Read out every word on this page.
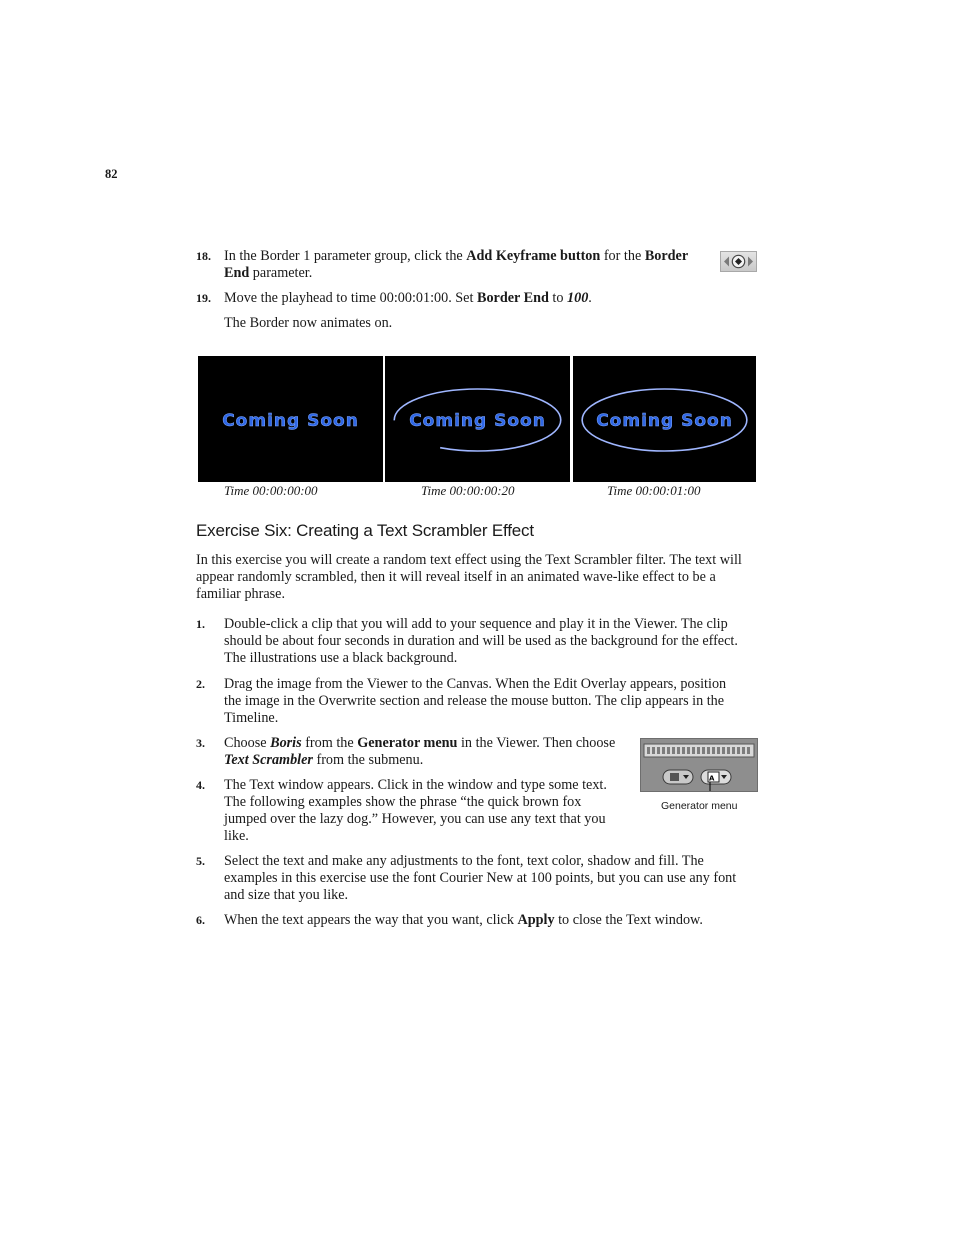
82
18. In the Border 1 parameter group, click the Add Keyframe button for the Border
End parameter.
19. Move the playhead to time 00:00:01:00. Set Border End to 100.
The Border now animates on.
Coming Soon	Coming Soon	Coming Soon
Time 00:00:00:00	Time 00:00:00:20	Time 00:00:01:00
Exercise Six: Creating a Text Scrambler Effect
In this exercise you will create a random text effect using the Text Scrambler filter. The text will appear randomly scrambled, then it will reveal itself in an animated wave-like effect to be a familiar phrase.
1. Double-click a clip that you will add to your sequence and play it in the Viewer. The clip should be about four seconds in duration and will be used as the background for the effect. The illustrations use a black background.
2. Drag the image from the Viewer to the Canvas. When the Edit Overlay appears, position the image in the Overwrite section and release the mouse button. The clip appears in the Timeline.
3. Choose Boris from the Generator menu in the Viewer. Then choose Text Scrambler from the submenu.
4. The Text window appears. Click in the window and type some text. The following examples show the phrase “the quick brown fox jumped over the lazy dog.” However, you can use any text that you like.
5. Select the text and make any adjustments to the font, text color, shadow and fill. The examples in this exercise use the font Courier New at 100 points, but you can use any font and size that you like.
6. When the text appears the way that you want, click Apply to close the Text window.
A
Generator menu
